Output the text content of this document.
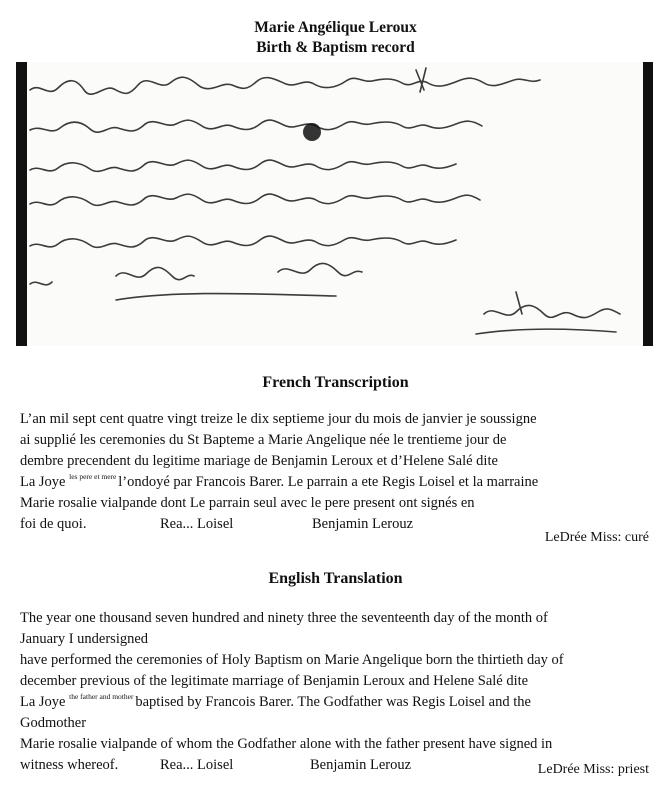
Marie Angélique Leroux
Birth & Baptism record
French Transcription
L’an mil sept cent quatre vingt treize le dix septieme jour du mois de janvier je soussigne
ai supplié les ceremonies du St Bapteme a Marie Angelique née le trentieme jour de
dembre precendent du legitime mariage de Benjamin Leroux et d’Helene Salé dite
La Joye $^{les pere et mere}$ l’ondoyé par Francois Barer. Le parrain a ete Regis Loisel et la marraine
Marie rosalie vialpande dont Le parrain seul avec le pere present ont signés en
foi de quoi.	Rea... Loisel	Benjamin Lerouz
LeDrée Miss: curé
English Translation
The year one thousand seven hundred and ninety three the seventeenth day of the month of
January I undersigned
have performed the ceremonies of Holy Baptism on Marie Angelique born the thirtieth day of
december previous of the legitimate marriage of Benjamin Leroux and Helene Salé dite
La Joye $^{the father and mother}$ baptised by Francois Barer. The Godfather was Regis Loisel and the
Godmother
Marie rosalie vialpande of whom the Godfather alone with the father present have signed in
witness whereof.	Rea... Loisel	Benjamin Lerouz	LeDrée Miss: priest
